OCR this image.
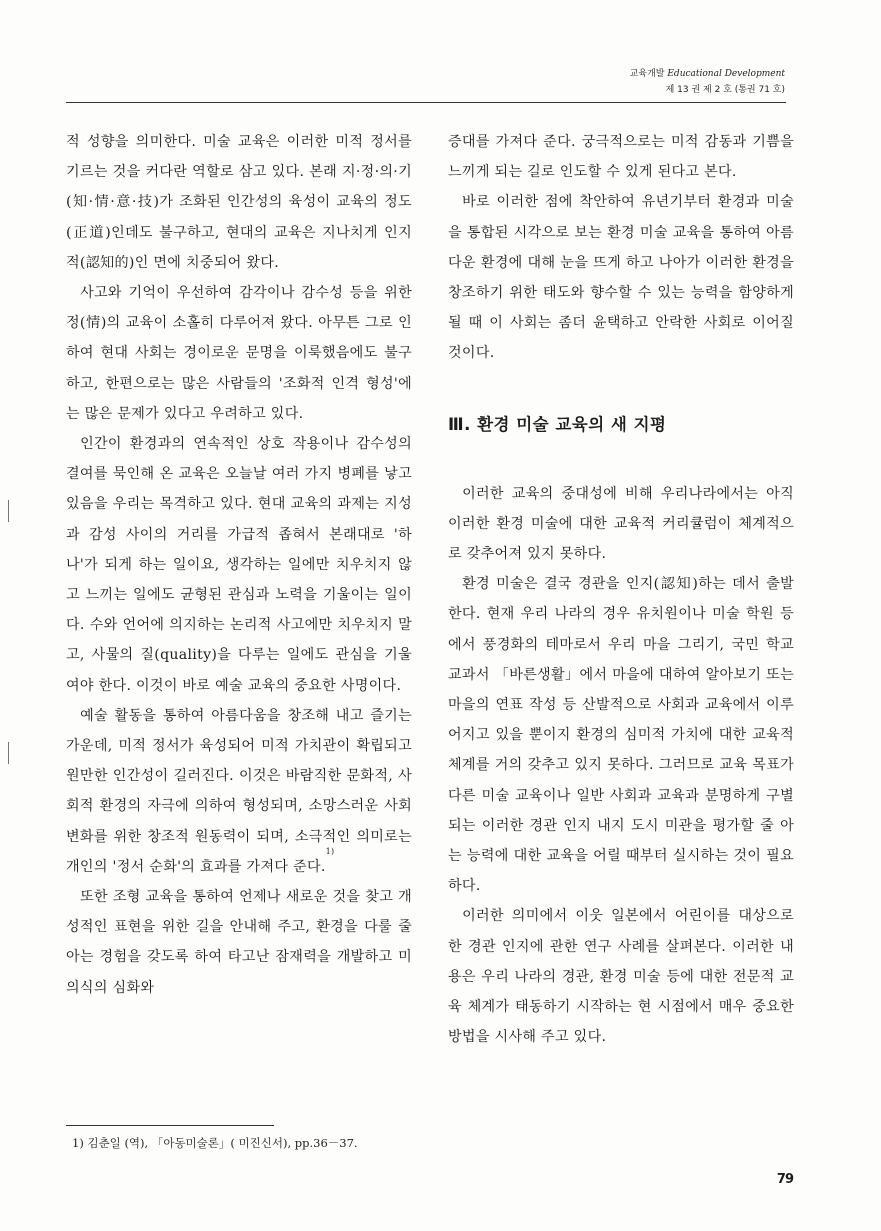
교육개발 Educational Development
제 13 권 제 2 호 (통권 71 호)

적 성향을 의미한다. 미술 교육은 이러한 미적 정서를 기르는 것을 커다란 역할로 삼고 있다. 본래 지·정·의·기(知·情·意·技)가 조화된 인간성의 육성이 교육의 정도(正道)인데도 불구하고, 현대의 교육은 지나치게 인지적(認知的)인 면에 치중되어 왔다.

사고와 기억이 우선하여 감각이나 감수성 등을 위한 정(情)의 교육이 소홀히 다루어져 왔다. 아무튼 그로 인하여 현대 사회는 경이로운 문명을 이룩했음에도 불구하고, 한편으로는 많은 사람들의 '조화적 인격 형성'에는 많은 문제가 있다고 우려하고 있다.

인간이 환경과의 연속적인 상호 작용이나 감수성의 결여를 묵인해 온 교육은 오늘날 여러 가지 병폐를 낳고 있음을 우리는 목격하고 있다. 현대 교육의 과제는 지성과 감성 사이의 거리를 가급적 좁혀서 본래대로 '하나'가 되게 하는 일이요, 생각하는 일에만 치우치지 않고 느끼는 일에도 균형된 관심과 노력을 기울이는 일이다. 수와 언어에 의지하는 논리적 사고에만 치우치지 말고, 사물의 질(quality)을 다루는 일에도 관심을 기울여야 한다. 이것이 바로 예술 교육의 중요한 사명이다.

예술 활동을 통하여 아름다움을 창조해 내고 즐기는 가운데, 미적 정서가 육성되어 미적 가치관이 확립되고 원만한 인간성이 길러진다. 이것은 바람직한 문화적, 사회적 환경의 자극에 의하여 형성되며, 소망스러운 사회 변화를 위한 창조적 원동력이 되며, 소극적인 의미로는 개인의 '정서 순화'의 효과를 가져다 준다.$^{1)}$

또한 조형 교육을 통하여 언제나 새로운 것을 찾고 개성적인 표현을 위한 길을 안내해 주고, 환경을 다룰 줄 아는 경험을 갖도록 하여 타고난 잠재력을 개발하고 미 의식의 심화와

증대를 가져다 준다. 궁극적으로는 미적 감동과 기쁨을 느끼게 되는 길로 인도할 수 있게 된다고 본다.

바로 이러한 점에 착안하여 유년기부터 환경과 미술을 통합된 시각으로 보는 환경 미술 교육을 통하여 아름다운 환경에 대해 눈을 뜨게 하고 나아가 이러한 환경을 창조하기 위한 태도와 향수할 수 있는 능력을 함양하게 될 때 이 사회는 좀더 윤택하고 안락한 사회로 이어질 것이다.

Ⅲ. 환경 미술 교육의 새 지평

이러한 교육의 중대성에 비해 우리나라에서는 아직 이러한 환경 미술에 대한 교육적 커리큘럼이 체계적으로 갖추어져 있지 못하다.

환경 미술은 결국 경관을 인지(認知)하는 데서 출발한다. 현재 우리 나라의 경우 유치원이나 미술 학원 등에서 풍경화의 테마로서 우리 마을 그리기, 국민 학교 교과서 「바른생활」에서 마을에 대하여 알아보기 또는 마을의 연표 작성 등 산발적으로 사회과 교육에서 이루어지고 있을 뿐이지 환경의 심미적 가치에 대한 교육적 체계를 거의 갖추고 있지 못하다. 그러므로 교육 목표가 다른 미술 교육이나 일반 사회과 교육과 분명하게 구별되는 이러한 경관 인지 내지 도시 미관을 평가할 줄 아는 능력에 대한 교육을 어릴 때부터 실시하는 것이 필요하다.

이러한 의미에서 이웃 일본에서 어린이를 대상으로 한 경관 인지에 관한 연구 사례를 살펴본다. 이러한 내용은 우리 나라의 경관, 환경 미술 등에 대한 전문적 교육 체계가 태동하기 시작하는 현 시점에서 매우 중요한 방법을 시사해 주고 있다.

1) 김춘일 (역), 「아동미술론」( 미진신서), pp.36－37.
79
